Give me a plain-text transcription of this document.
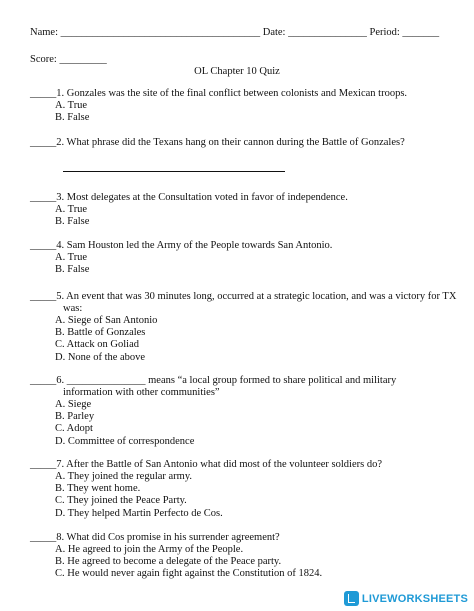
Name: ______________________________________ Date: _______________ Period: _______
Score: _________
OL Chapter 10 Quiz
_____1. Gonzales was the site of the final conflict between colonists and Mexican troops.
A. True
B. False
_____2. What phrase did the Texans hang on their cannon during the Battle of Gonzales?
_____3. Most delegates at the Consultation voted in favor of independence.
A. True
B. False
_____4. Sam Houston led the Army of the People towards San Antonio.
A. True
B. False
_____5. An event that was 30 minutes long, occurred at a strategic location, and was a victory for TX
was:
A. Siege of San Antonio
B. Battle of Gonzales
C. Attack on Goliad
D. None of the above
_____6. _______________ means “a local group formed to share political and military
information with other communities”
A. Siege
B. Parley
C. Adopt
D. Committee of correspondence
_____7. After the Battle of San Antonio what did most of the volunteer soldiers do?
A. They joined the regular army.
B. They went home.
C. They joined the Peace Party.
D. They helped Martin Perfecto de Cos.
_____8. What did Cos promise in his surrender agreement?
A. He agreed to join the Army of the People.
B. He agreed to become a delegate of the Peace party.
C. He would never again fight against the Constitution of 1824.
LIVEWORKSHEETS
